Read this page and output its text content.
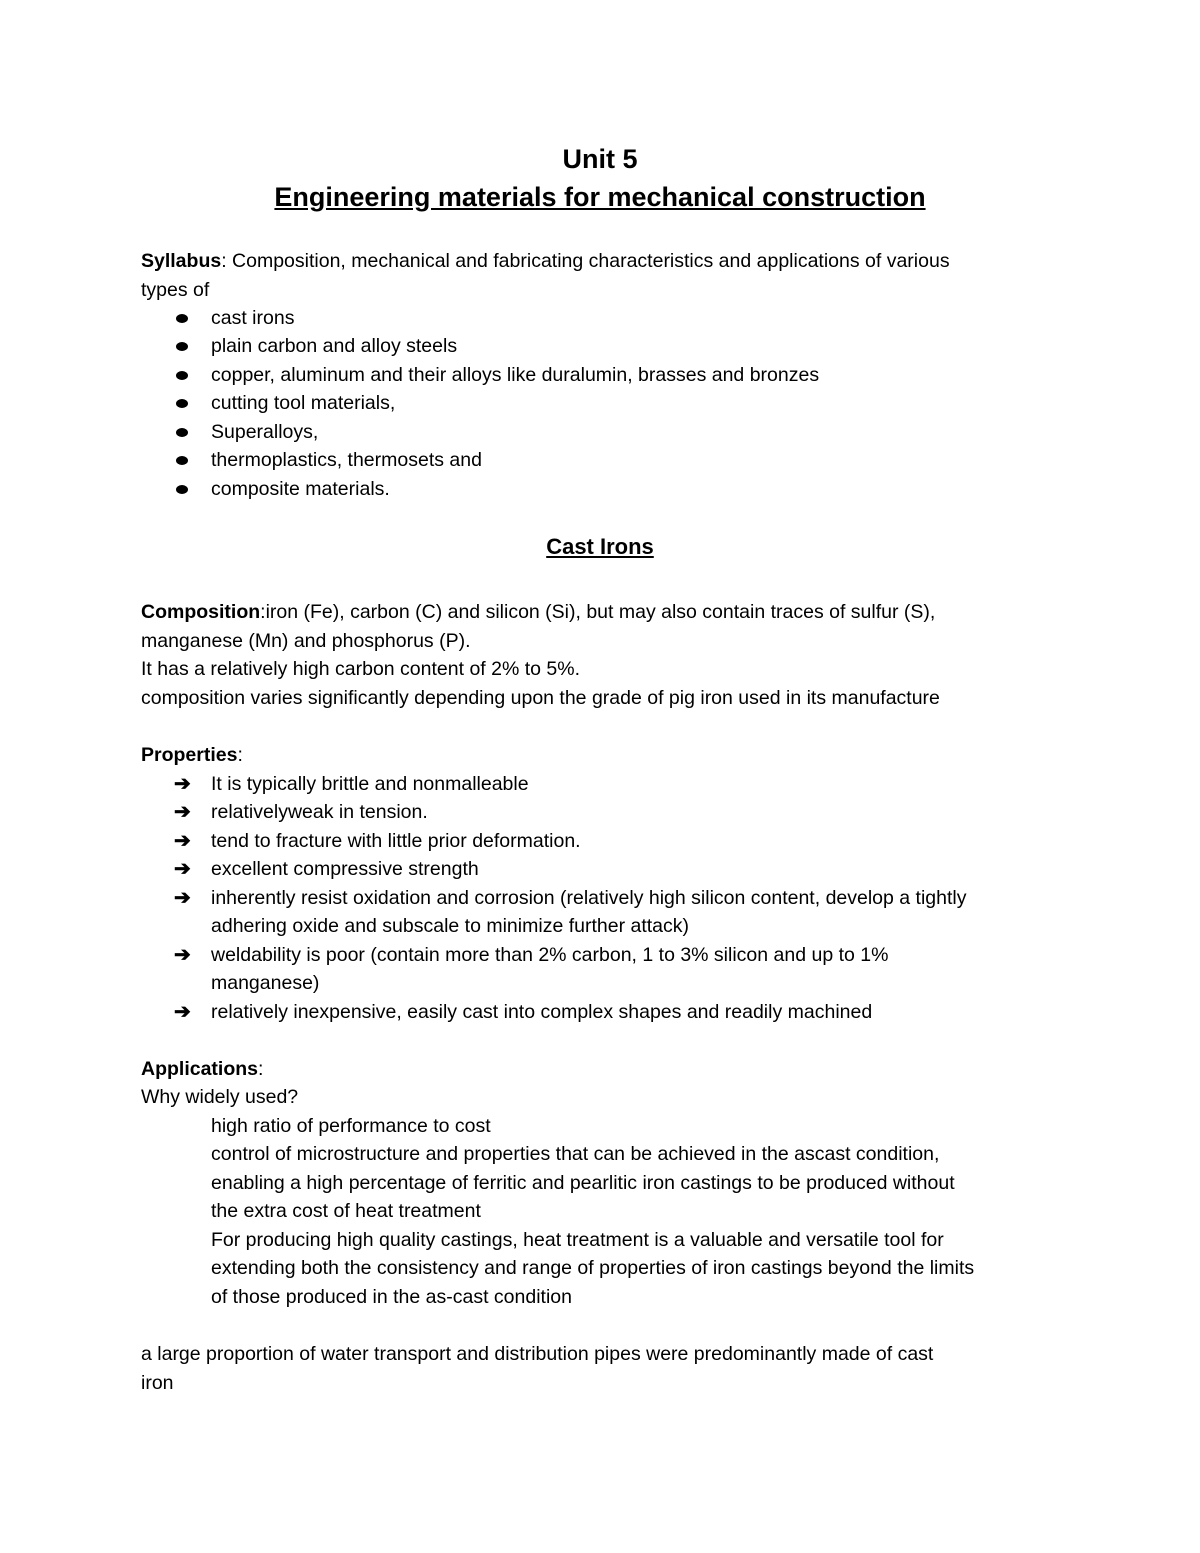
Unit 5
Engineering materials for mechanical construction
Syllabus: Composition, mechanical and fabricating characteristics and applications of various
types of
cast irons
plain carbon and alloy steels
copper, aluminum and their alloys like duralumin, brasses and bronzes
cutting tool materials,
Superalloys,
thermoplastics, thermosets and
composite materials.
Cast Irons
Composition:iron (Fe), carbon (C) and silicon (Si), but may also contain traces of sulfur (S),
manganese (Mn) and phosphorus (P).
It has a relatively high carbon content of 2% to 5%.
composition varies significantly depending upon the grade of pig iron used in its manufacture
Properties:
➔ It is typically brittle and nonmalleable
➔ relativelyweak in tension.
➔ tend to fracture with little prior deformation.
➔ excellent compressive strength
➔ inherently resist oxidation and corrosion (relatively high silicon content, develop a tightly
adhering oxide and subscale to minimize further attack)
➔ weldability is poor (contain more than 2% carbon, 1 to 3% silicon and up to 1%
manganese)
➔ relatively inexpensive, easily cast into complex shapes and readily machined
Applications:
Why widely used?
high ratio of performance to cost
control of microstructure and properties that can be achieved in the ascast condition,
enabling a high percentage of ferritic and pearlitic iron castings to be produced without
the extra cost of heat treatment
For producing high quality castings, heat treatment is a valuable and versatile tool for
extending both the consistency and range of properties of iron castings beyond the limits
of those produced in the as-cast condition
a large proportion of water transport and distribution pipes were predominantly made of cast
iron
